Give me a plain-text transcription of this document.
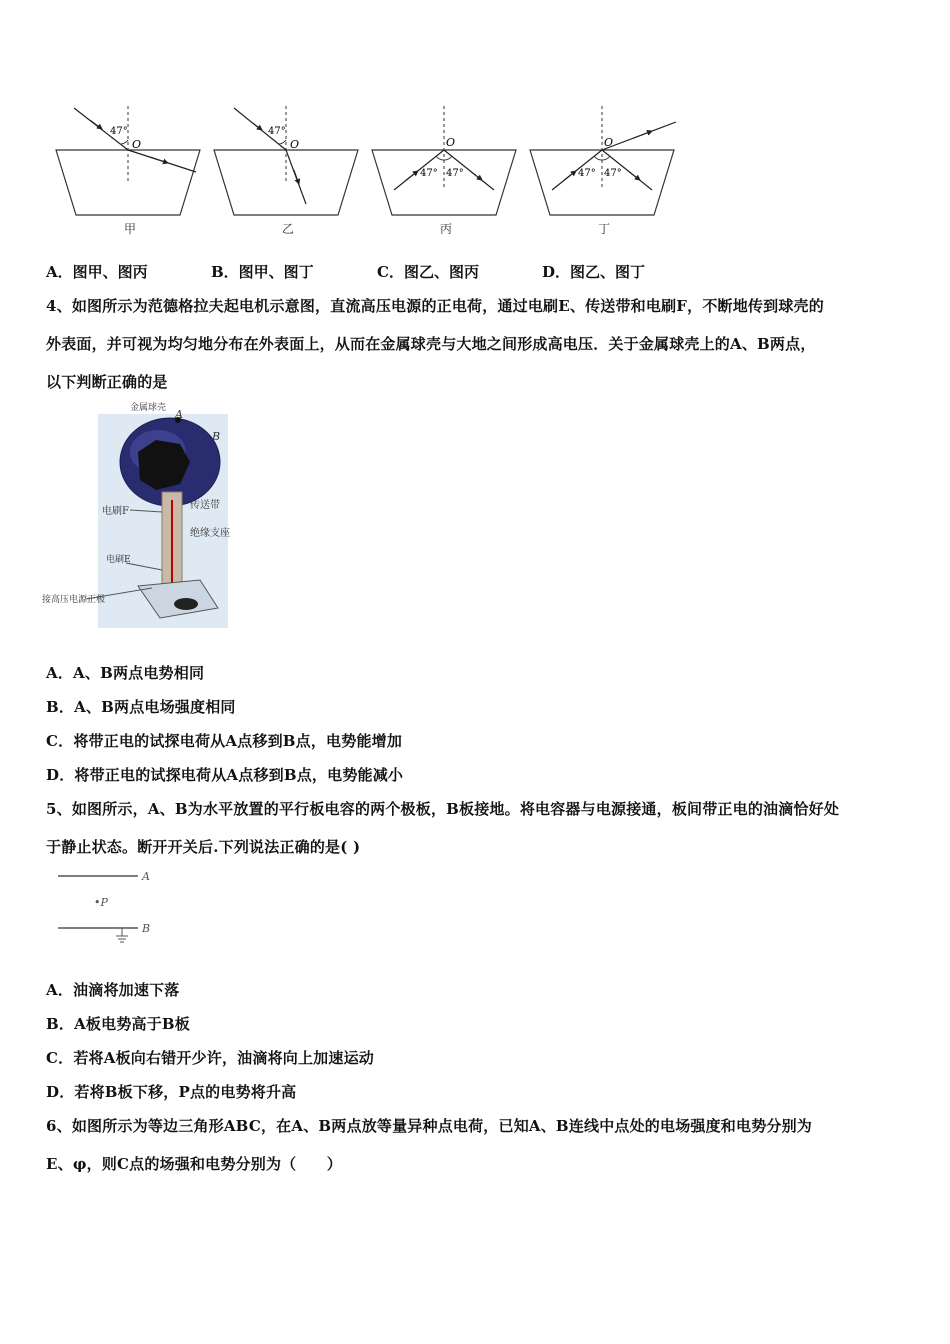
47°
O
47°
O
47° 47°
O
47° 47°
O
甲	乙	丙	丁
A．图甲、图丙	B．图甲、图丁	C．图乙、图丙	D．图乙、图丁
4、如图所示为范德格拉夫起电机示意图，直流高压电源的正电荷，通过电刷E、传送带和电刷F，不断地传到球壳的
外表面，并可视为均匀地分布在外表面上，从而在金属球壳与大地之间形成高电压．关于金属球壳上的A、B两点，
以下判断正确的是
金属球壳 A
B
电刷F
传送带
绝缘支座
电刷E
接高压电源正极
A．A、B两点电势相同
B．A、B两点电场强度相同
C．将带正电的试探电荷从A点移到B点，电势能增加
D．将带正电的试探电荷从A点移到B点，电势能减小
5、如图所示，A、B为水平放置的平行板电容的两个极板，B板接地。将电容器与电源接通，板间带正电的油滴恰好处
于静止状态。断开开关后.下列说法正确的是( )
A
•P
B
A．油滴将加速下落
B．A板电势高于B板
C．若将A板向右错开少许，油滴将向上加速运动
D．若将B板下移，P点的电势将升高
6、如图所示为等边三角形ABC，在A、B两点放等量异种点电荷，已知A、B连线中点处的电场强度和电势分别为
E、φ，则C点的场强和电势分别为（　　）
